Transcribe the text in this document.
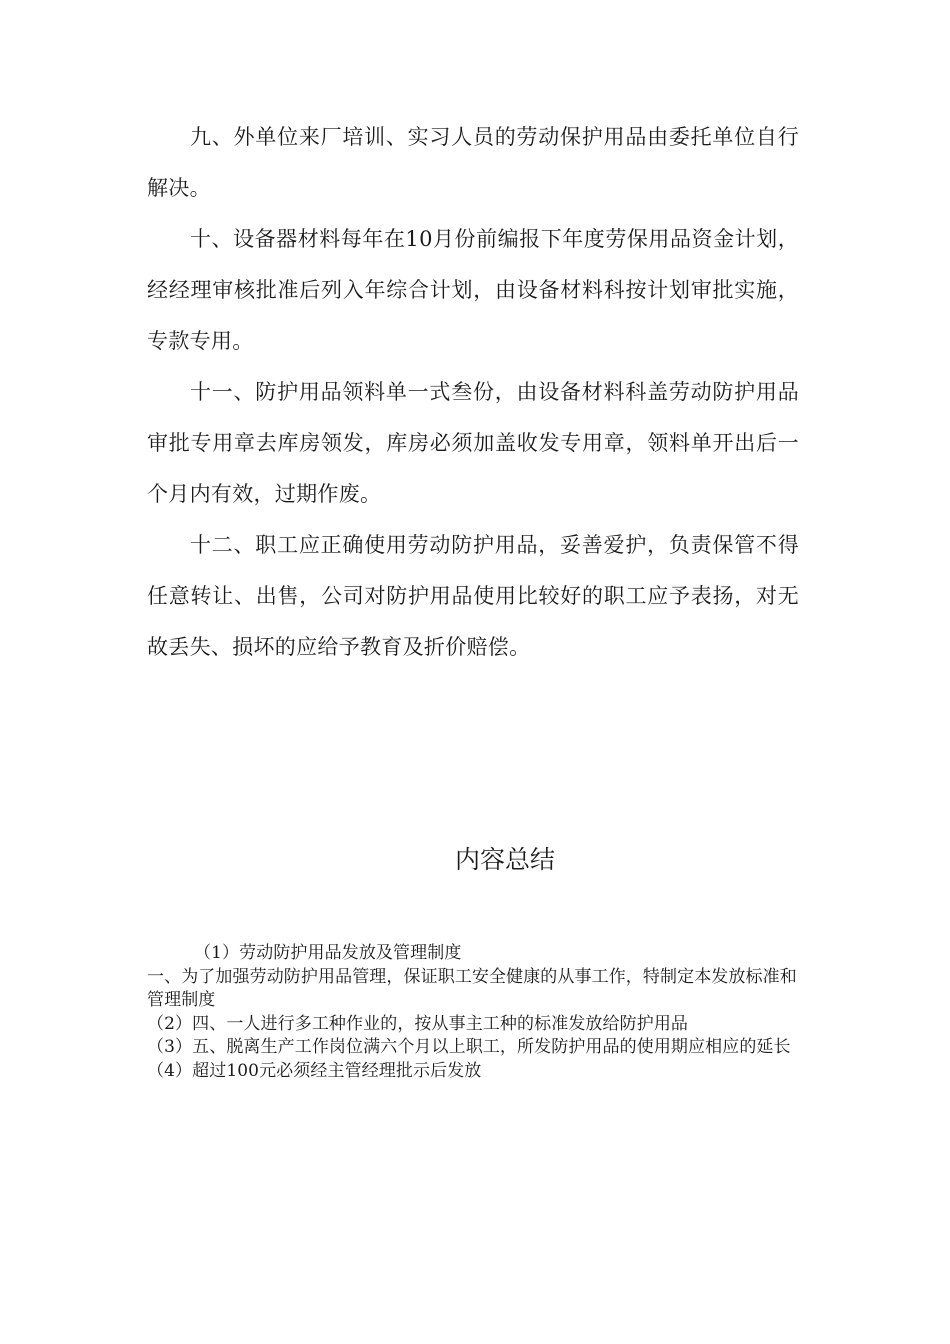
九、外单位来厂培训、实习人员的劳动保护用品由委托单位自行解决。

十、设备器材料每年在10月份前编报下年度劳保用品资金计划，经经理审核批准后列入年综合计划，由设备材料科按计划审批实施，专款专用。

十一、防护用品领料单一式叁份，由设备材料科盖劳动防护用品审批专用章去库房领发，库房必须加盖收发专用章，领料单开出后一个月内有效，过期作废。

十二、职工应正确使用劳动防护用品，妥善爱护，负责保管不得任意转让、出售，公司对防护用品使用比较好的职工应予表扬，对无故丢失、损坏的应给予教育及折价赔偿。

内容总结

（1）劳动防护用品发放及管理制度

一、为了加强劳动防护用品管理，保证职工安全健康的从事工作，特制定本发放标准和管理制度

（2）四、一人进行多工种作业的，按从事主工种的标准发放给防护用品

（3）五、脱离生产工作岗位满六个月以上职工，所发防护用品的使用期应相应的延长

（4）超过100元必须经主管经理批示后发放
